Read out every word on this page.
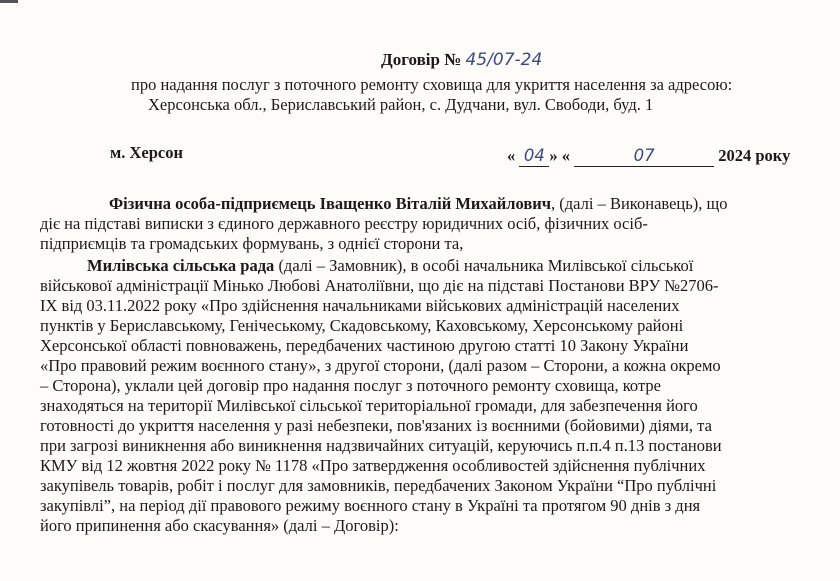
Договір № 45/07-24
про надання послуг з поточного ремонту сховища для укриття населення за адресою:
Херсонська обл., Бериславський район, с. Дудчани, вул. Свободи, буд. 1
м. Херсон	« 04 » «	07	2024 року
Фізична особа-підприємець Іващенко Віталій Михайлович, (далі – Виконавець), що
діє на підставі виписки з єдиного державного реєстру юридичних осіб, фізичних осіб-
підприємців та громадських формувань, з однієї сторони та,
Милівська сільська рада (далі – Замовник), в особі начальника Милівської сільської
військової адміністрації Мінько Любові Анатоліївни, що діє на підставі Постанови ВРУ №2706-
ІХ від 03.11.2022 року «Про здійснення начальниками військових адміністрацій населених
пунктів у Бериславському, Генічеському, Скадовському, Каховському, Херсонському районі
Херсонської області повноважень, передбачених частиною другою статті 10 Закону України
«Про правовий режим воєнного стану», з другої сторони, (далі разом – Сторони, а кожна окремо
– Сторона), уклали цей договір про надання послуг з поточного ремонту сховища, котре
знаходяться на території Милівської сільської територіальної громади, для забезпечення його
готовності до укриття населення у разі небезпеки, пов'язаних із воєнними (бойовими) діями, та
при загрозі виникнення або виникнення надзвичайних ситуацій, керуючись п.п.4 п.13 постанови
КМУ від 12 жовтня 2022 року № 1178 «Про затвердження особливостей здійснення публічних
закупівель товарів, робіт і послуг для замовників, передбачених Законом України “Про публічні
закупівлі”, на період дії правового режиму воєнного стану в Україні та протягом 90 днів з дня
його припинення або скасування» (далі – Договір):
